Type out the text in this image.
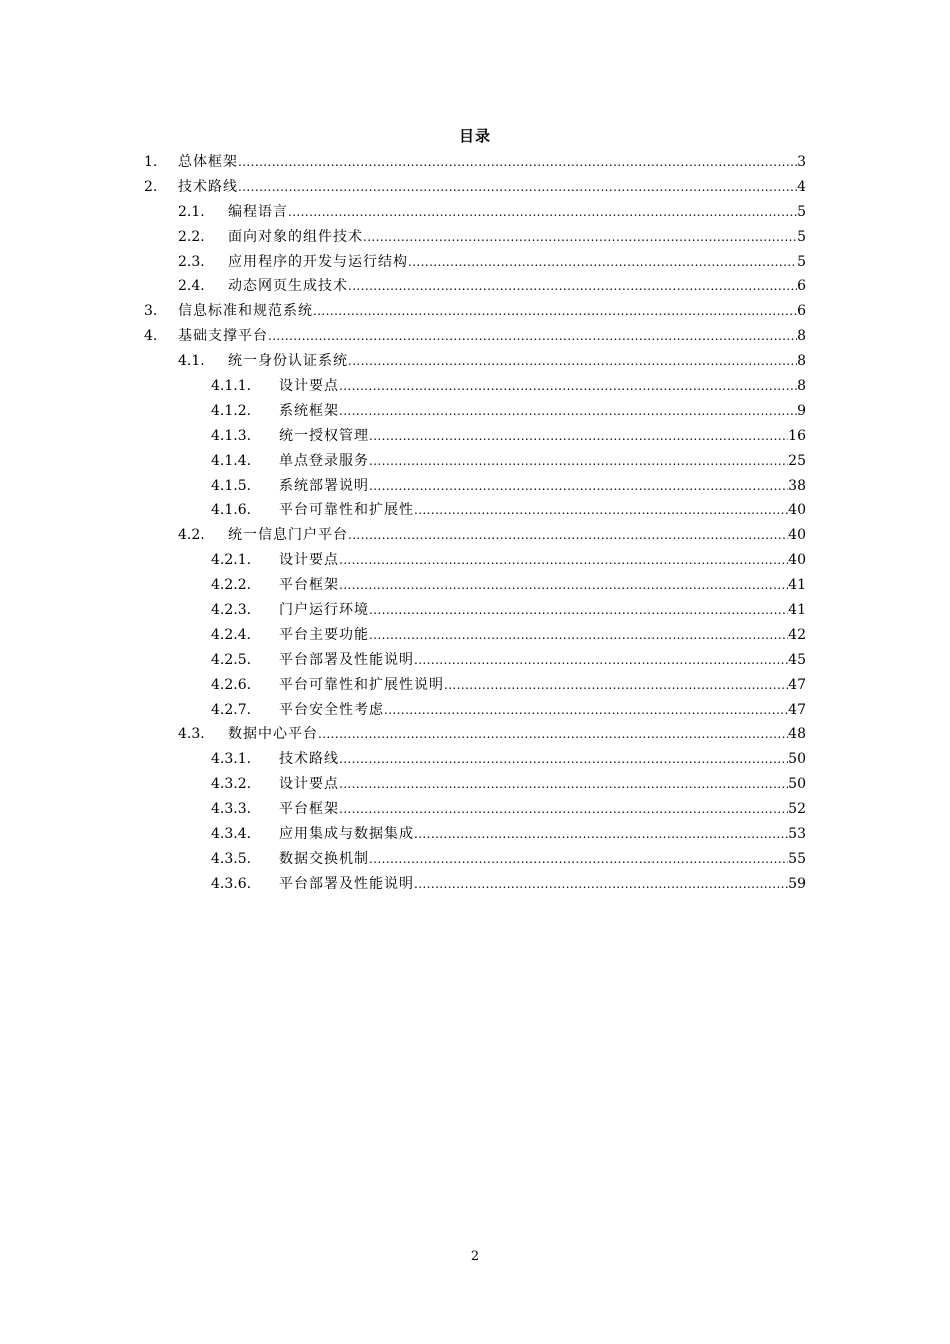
目录
1. 总体框架 .....	3
2. 技术路线 .....	4
2.1. 编程语言 .....	5
2.2. 面向对象的组件技术 .....	5
2.3. 应用程序的开发与运行结构 .....	5
2.4. 动态网页生成技术 .....	6
3. 信息标准和规范系统 .....	6
4. 基础支撑平台 .....	8
4.1. 统一身份认证系统 .....	8
4.1.1. 设计要点 .....	8
4.1.2. 系统框架 .....	9
4.1.3. 统一授权管理 .....	16
4.1.4. 单点登录服务 .....	25
4.1.5. 系统部署说明 .....	38
4.1.6. 平台可靠性和扩展性 .....	40
4.2. 统一信息门户平台 .....	40
4.2.1. 设计要点 .....	40
4.2.2. 平台框架 .....	41
4.2.3. 门户运行环境 .....	41
4.2.4. 平台主要功能 .....	42
4.2.5. 平台部署及性能说明 .....	45
4.2.6. 平台可靠性和扩展性说明 .....	47
4.2.7. 平台安全性考虑 .....	47
4.3. 数据中心平台 .....	48
4.3.1. 技术路线 .....	50
4.3.2. 设计要点 .....	50
4.3.3. 平台框架 .....	52
4.3.4. 应用集成与数据集成 .....	53
4.3.5. 数据交换机制 .....	55
4.3.6. 平台部署及性能说明 .....	59
2
